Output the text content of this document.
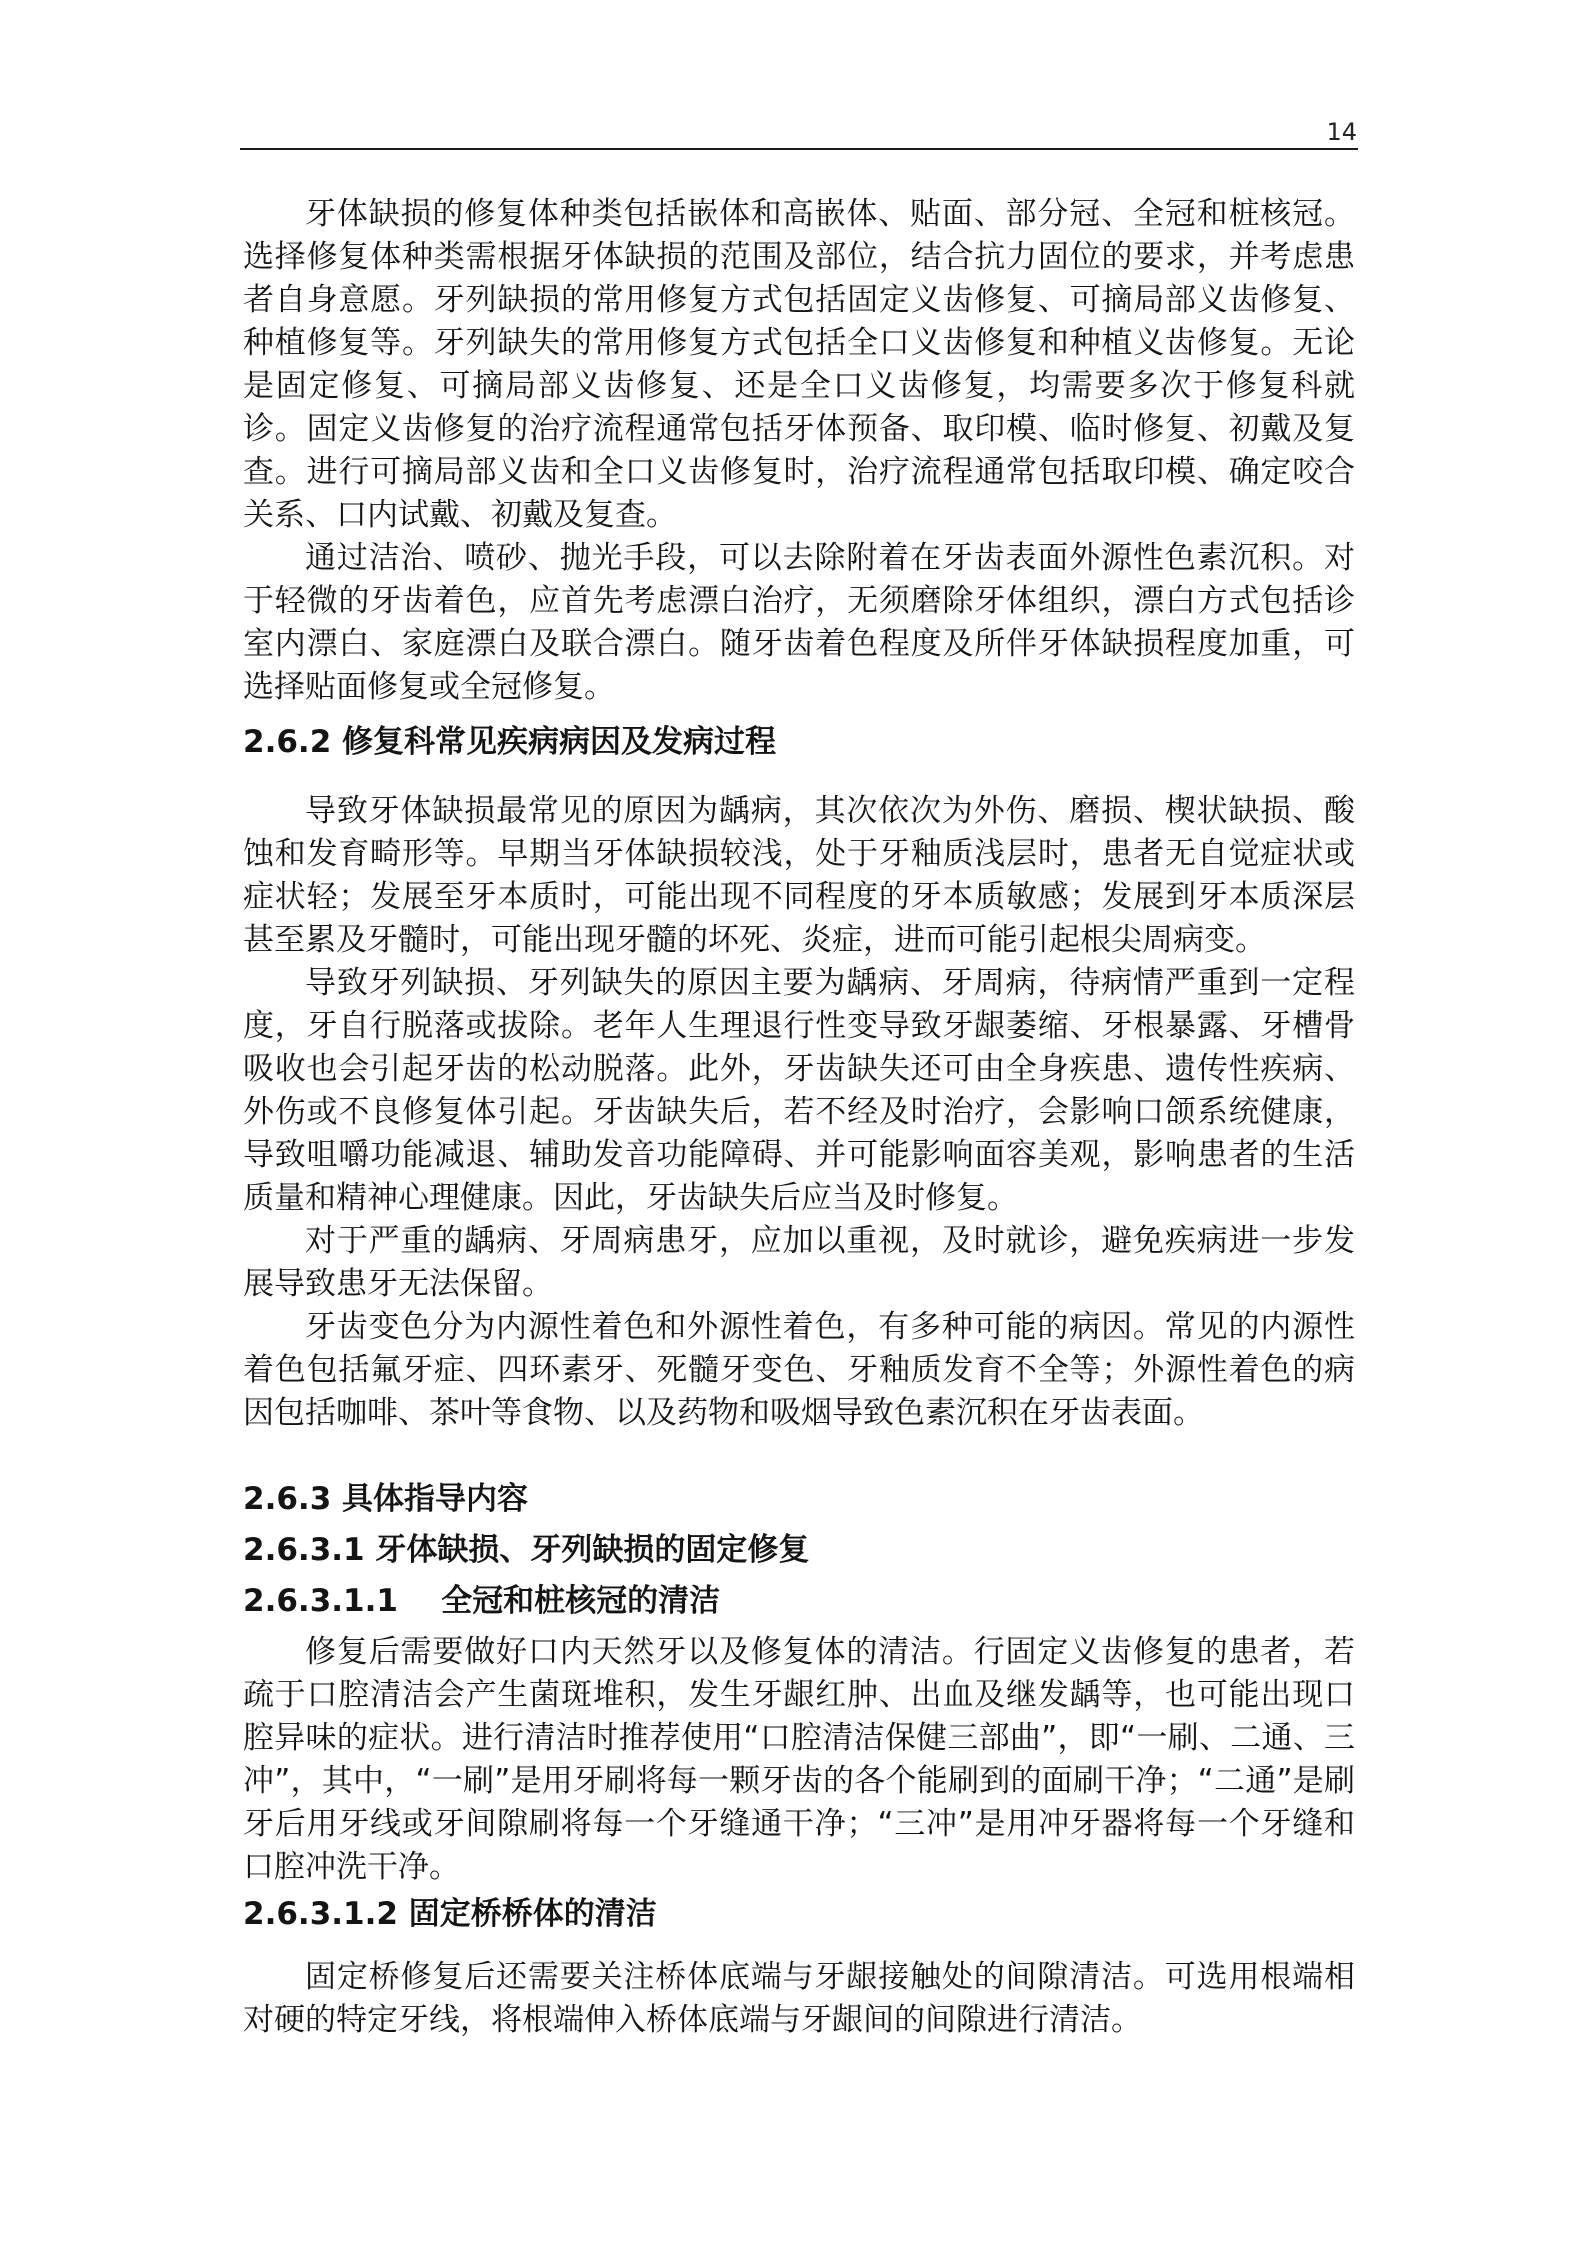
14

牙体缺损的修复体种类包括嵌体和高嵌体、贴面、部分冠、全冠和桩核冠。选择修复体种类需根据牙体缺损的范围及部位，结合抗力固位的要求，并考虑患者自身意愿。牙列缺损的常用修复方式包括固定义齿修复、可摘局部义齿修复、种植修复等。牙列缺失的常用修复方式包括全口义齿修复和种植义齿修复。无论是固定修复、可摘局部义齿修复、还是全口义齿修复，均需要多次于修复科就诊。固定义齿修复的治疗流程通常包括牙体预备、取印模、临时修复、初戴及复查。进行可摘局部义齿和全口义齿修复时，治疗流程通常包括取印模、确定咬合关系、口内试戴、初戴及复查。

通过洁治、喷砂、抛光手段，可以去除附着在牙齿表面外源性色素沉积。对于轻微的牙齿着色，应首先考虑漂白治疗，无须磨除牙体组织，漂白方式包括诊室内漂白、家庭漂白及联合漂白。随牙齿着色程度及所伴牙体缺损程度加重，可选择贴面修复或全冠修复。

2.6.2 修复科常见疾病病因及发病过程

导致牙体缺损最常见的原因为龋病，其次依次为外伤、磨损、楔状缺损、酸蚀和发育畸形等。早期当牙体缺损较浅，处于牙釉质浅层时，患者无自觉症状或症状轻；发展至牙本质时，可能出现不同程度的牙本质敏感；发展到牙本质深层甚至累及牙髓时，可能出现牙髓的坏死、炎症，进而可能引起根尖周病变。

导致牙列缺损、牙列缺失的原因主要为龋病、牙周病，待病情严重到一定程度，牙自行脱落或拔除。老年人生理退行性变导致牙龈萎缩、牙根暴露、牙槽骨吸收也会引起牙齿的松动脱落。此外，牙齿缺失还可由全身疾患、遗传性疾病、外伤或不良修复体引起。牙齿缺失后，若不经及时治疗，会影响口颌系统健康，导致咀嚼功能减退、辅助发音功能障碍、并可能影响面容美观，影响患者的生活质量和精神心理健康。因此，牙齿缺失后应当及时修复。

对于严重的龋病、牙周病患牙，应加以重视，及时就诊，避免疾病进一步发展导致患牙无法保留。

牙齿变色分为内源性着色和外源性着色，有多种可能的病因。常见的内源性着色包括氟牙症、四环素牙、死髓牙变色、牙釉质发育不全等；外源性着色的病因包括咖啡、茶叶等食物、以及药物和吸烟导致色素沉积在牙齿表面。

2.6.3 具体指导内容
2.6.3.1 牙体缺损、牙列缺损的固定修复
2.6.3.1.1    全冠和桩核冠的清洁

修复后需要做好口内天然牙以及修复体的清洁。行固定义齿修复的患者，若疏于口腔清洁会产生菌斑堆积，发生牙龈红肿、出血及继发龋等，也可能出现口腔异味的症状。进行清洁时推荐使用“口腔清洁保健三部曲”，即“一刷、二通、三冲”，其中，“一刷”是用牙刷将每一颗牙齿的各个能刷到的面刷干净；“二通”是刷牙后用牙线或牙间隙刷将每一个牙缝通干净；“三冲”是用冲牙器将每一个牙缝和口腔冲洗干净。

2.6.3.1.2 固定桥桥体的清洁

固定桥修复后还需要关注桥体底端与牙龈接触处的间隙清洁。可选用根端相对硬的特定牙线，将根端伸入桥体底端与牙龈间的间隙进行清洁。
